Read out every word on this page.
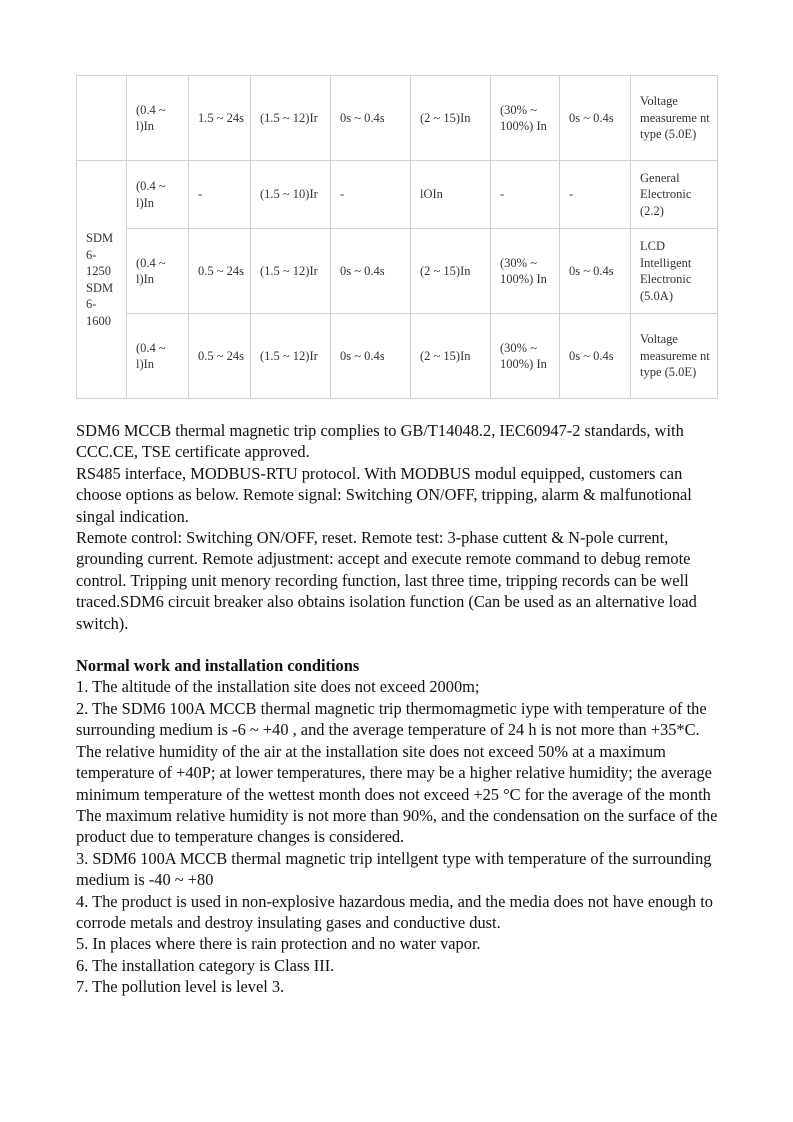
	(0.4 ~ l)In	1.5 ~ 24s	(1.5 ~ 12)Ir	0s ~ 0.4s	(2 ~ 15)In	(30% ~ 100%) In	0s ~ 0.4s	Voltage measureme nt type (5.0E)
SDM 6- 1250 SDM 6- 1600	(0.4 ~ l)In	-	(1.5 ~ 10)Ir	-	lOIn	-	-	General Electronic (2.2)
	(0.4 ~ l)In	0.5 ~ 24s	(1.5 ~ 12)Ir	0s ~ 0.4s	(2 ~ 15)In	(30% ~ 100%) In	0s ~ 0.4s	LCD Intelligent Electronic (5.0A)
	(0.4 ~ l)In	0.5 ~ 24s	(1.5 ~ 12)Ir	0s ~ 0.4s	(2 ~ 15)In	(30% ~ 100%) In	0s ~ 0.4s	Voltage measureme nt type (5.0E)

SDM6 MCCB thermal magnetic trip complies to GB/T14048.2, IEC60947-2 standards, with CCC.CE, TSE certificate approved.

RS485 interface, MODBUS-RTU protocol. With MODBUS modul equipped, customers can choose options as below. Remote signal: Switching ON/OFF, tripping, alarm & malfunotional singal indication.

Remote control: Switching ON/OFF, reset. Remote test: 3-phase cuttent & N-pole current, grounding current. Remote adjustment: accept and execute remote command to debug remote control. Tripping unit menory recording function, last three time, tripping records can be well traced.SDM6 circuit breaker also obtains isolation function (Can be used as an alternative load switch).

Normal work and installation conditions

1. The altitude of the installation site does not exceed 2000m;

2. The SDM6 100A MCCB thermal magnetic trip thermomagmetic iype with temperature of the surrounding medium is -6 ~ +40 , and the average temperature of 24 h is not more than +35*C. The relative humidity of the air at the installation site does not exceed 50% at a maximum temperature of +40P; at lower temperatures, there may be a higher relative humidity; the average minimum temperature of the wettest month does not exceed +25 °C for the average of the month The maximum relative humidity is not more than 90%, and the condensation on the surface of the product due to temperature changes is considered.

3. SDM6 100A MCCB thermal magnetic trip intellgent type with temperature of the surrounding medium is -40 ~ +80

4. The product is used in non-explosive hazardous media, and the media does not have enough to corrode metals and destroy insulating gases and conductive dust.

5. In places where there is rain protection and no water vapor.

6. The installation category is Class III.

7. The pollution level is level 3.
